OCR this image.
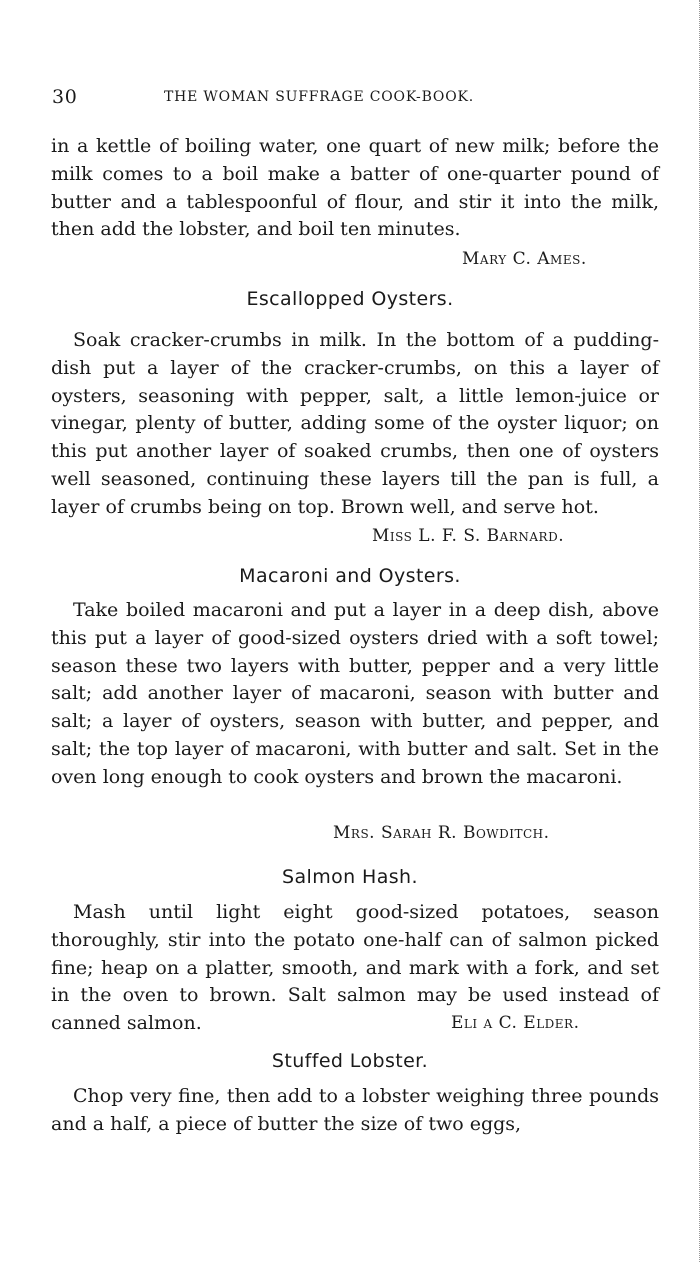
30	THE WOMAN SUFFRAGE COOK-BOOK.

in a kettle of boiling water, one quart of new milk; before the milk comes to a boil make a batter of one-quarter pound of butter and a tablespoonful of flour, and stir it into the milk, then add the lobster, and boil ten minutes.

Mary C. Ames.
Escallopped Oysters.

Soak cracker-crumbs in milk. In the bottom of a pudding-dish put a layer of the cracker-crumbs, on this a layer of oysters, seasoning with pepper, salt, a little lemon-juice or vinegar, plenty of butter, adding some of the oyster liquor; on this put another layer of soaked crumbs, then one of oysters well seasoned, continuing these layers till the pan is full, a layer of crumbs being on top. Brown well, and serve hot.

Miss L. F. S. Barnard.
Macaroni and Oysters.

Take boiled macaroni and put a layer in a deep dish, above this put a layer of good-sized oysters dried with a soft towel; season these two layers with butter, pepper and a very little salt; add another layer of macaroni, season with butter and salt; a layer of oysters, season with butter, and pepper, and salt; the top layer of macaroni, with butter and salt. Set in the oven long enough to cook oysters and brown the macaroni.

Mrs. Sarah R. Bowditch.
Salmon Hash.

Mash until light eight good-sized potatoes, season thoroughly, stir into the potato one-half can of salmon picked fine; heap on a platter, smooth, and mark with a fork, and set in the oven to brown. Salt salmon may be used instead of canned salmon.	Eli a C. Elder.
Stuffed Lobster.

Chop very fine, then add to a lobster weighing three pounds and a half, a piece of butter the size of two eggs,
